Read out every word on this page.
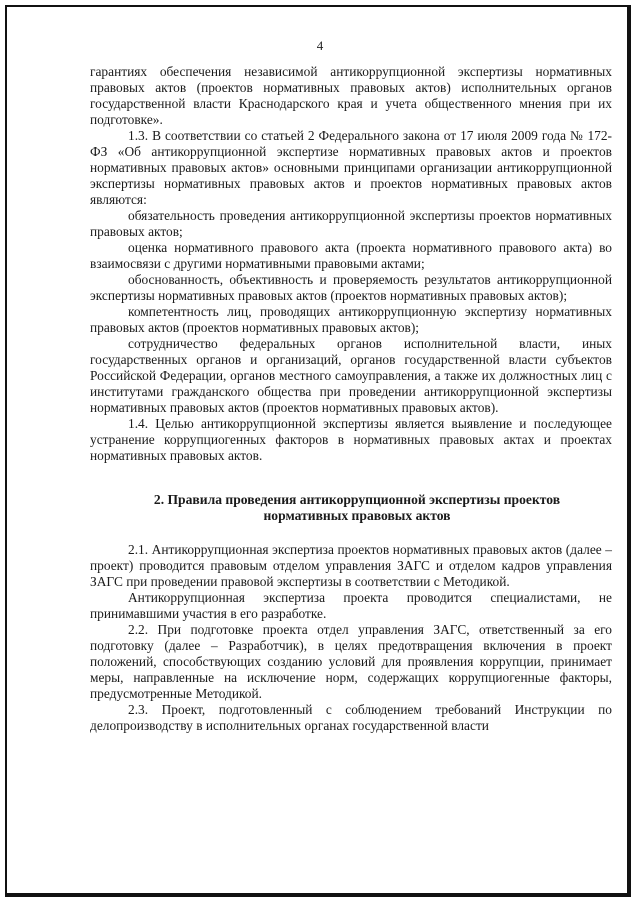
4

гарантиях обеспечения независимой антикоррупционной экспертизы нормативных правовых актов (проектов нормативных правовых актов) исполнительных органов государственной власти Краснодарского края и учета общественного мнения при их подготовке».

1.3. В соответствии со статьей 2 Федерального закона от 17 июля 2009 года № 172-ФЗ «Об антикоррупционной экспертизе нормативных правовых актов и проектов нормативных правовых актов» основными принципами организации антикоррупционной экспертизы нормативных правовых актов и проектов нормативных правовых актов являются:

обязательность проведения антикоррупционной экспертизы проектов нормативных правовых актов;

оценка нормативного правового акта (проекта нормативного правового акта) во взаимосвязи с другими нормативными правовыми актами;

обоснованность, объективность и проверяемость результатов антикоррупционной экспертизы нормативных правовых актов (проектов нормативных правовых актов);

компетентность лиц, проводящих антикоррупционную экспертизу нормативных правовых актов (проектов нормативных правовых актов);

сотрудничество федеральных органов исполнительной власти, иных государственных органов и организаций, органов государственной власти субъектов Российской Федерации, органов местного самоуправления, а также их должностных лиц с институтами гражданского общества при проведении антикоррупционной экспертизы нормативных правовых актов (проектов нормативных правовых актов).

1.4. Целью антикоррупционной экспертизы является выявление и последующее устранение коррупциогенных факторов в нормативных правовых актах и проектах нормативных правовых актов.

2. Правила проведения антикоррупционной экспертизы проектов
нормативных правовых актов

2.1. Антикоррупционная экспертиза проектов нормативных правовых актов (далее – проект) проводится правовым отделом управления ЗАГС и отделом кадров управления ЗАГС при проведении правовой экспертизы в соответствии с Методикой.

Антикоррупционная экспертиза проекта проводится специалистами, не принимавшими участия в его разработке.

2.2. При подготовке проекта отдел управления ЗАГС, ответственный за его подготовку (далее – Разработчик), в целях предотвращения включения в проект положений, способствующих созданию условий для проявления коррупции, принимает меры, направленные на исключение норм, содержащих коррупциогенные факторы, предусмотренные Методикой.

2.3. Проект, подготовленный с соблюдением требований Инструкции по делопроизводству в исполнительных органах государственной власти
